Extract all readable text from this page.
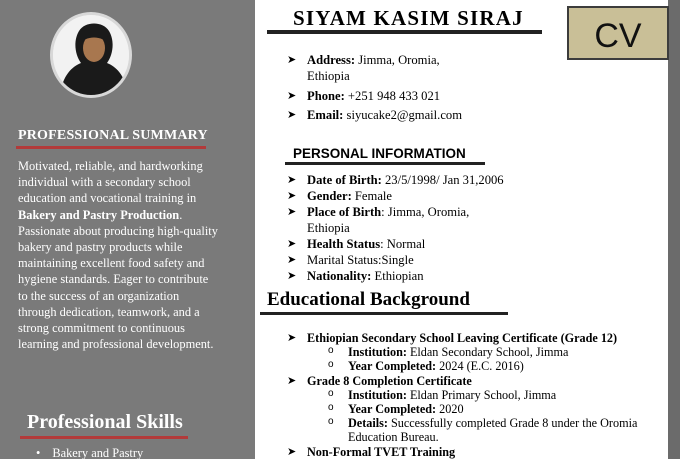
PROFESSIONAL SUMMARY

Motivated, reliable, and hardworking individual with a secondary school education and vocational training in Bakery and Pastry Production. Passionate about producing high-quality bakery and pastry products while maintaining excellent food safety and hygiene standards. Eager to contribute to the success of an organization through dedication, teamwork, and a strong commitment to continuous learning and professional development.

Professional Skills
• Bakery and Pastry
SIYAM KASIM SIRAJ
➤ Address: Jimma, Oromia,
Ethiopia
➤ Phone: +251 948 433 021
➤ Email: siyucake2@gmail.com
PERSONAL INFORMATION
➤ Date of Birth: 23/5/1998/ Jan 31,2006
➤ Gender: Female
➤ Place of Birth: Jimma, Oromia,
Ethiopia
➤ Health Status: Normal
➤ Marital Status:Single
➤ Nationality: Ethiopian
Educational Background
➤ Ethiopian Secondary School Leaving Certificate (Grade 12)
o Institution: Eldan Secondary School, Jimma
o Year Completed: 2024 (E.C. 2016)
➤ Grade 8 Completion Certificate
o Institution: Eldan Primary School, Jimma
o Year Completed: 2020
o Details: Successfully completed Grade 8 under the Oromia Education Bureau.
➤ Non-Formal TVET Training
CV
